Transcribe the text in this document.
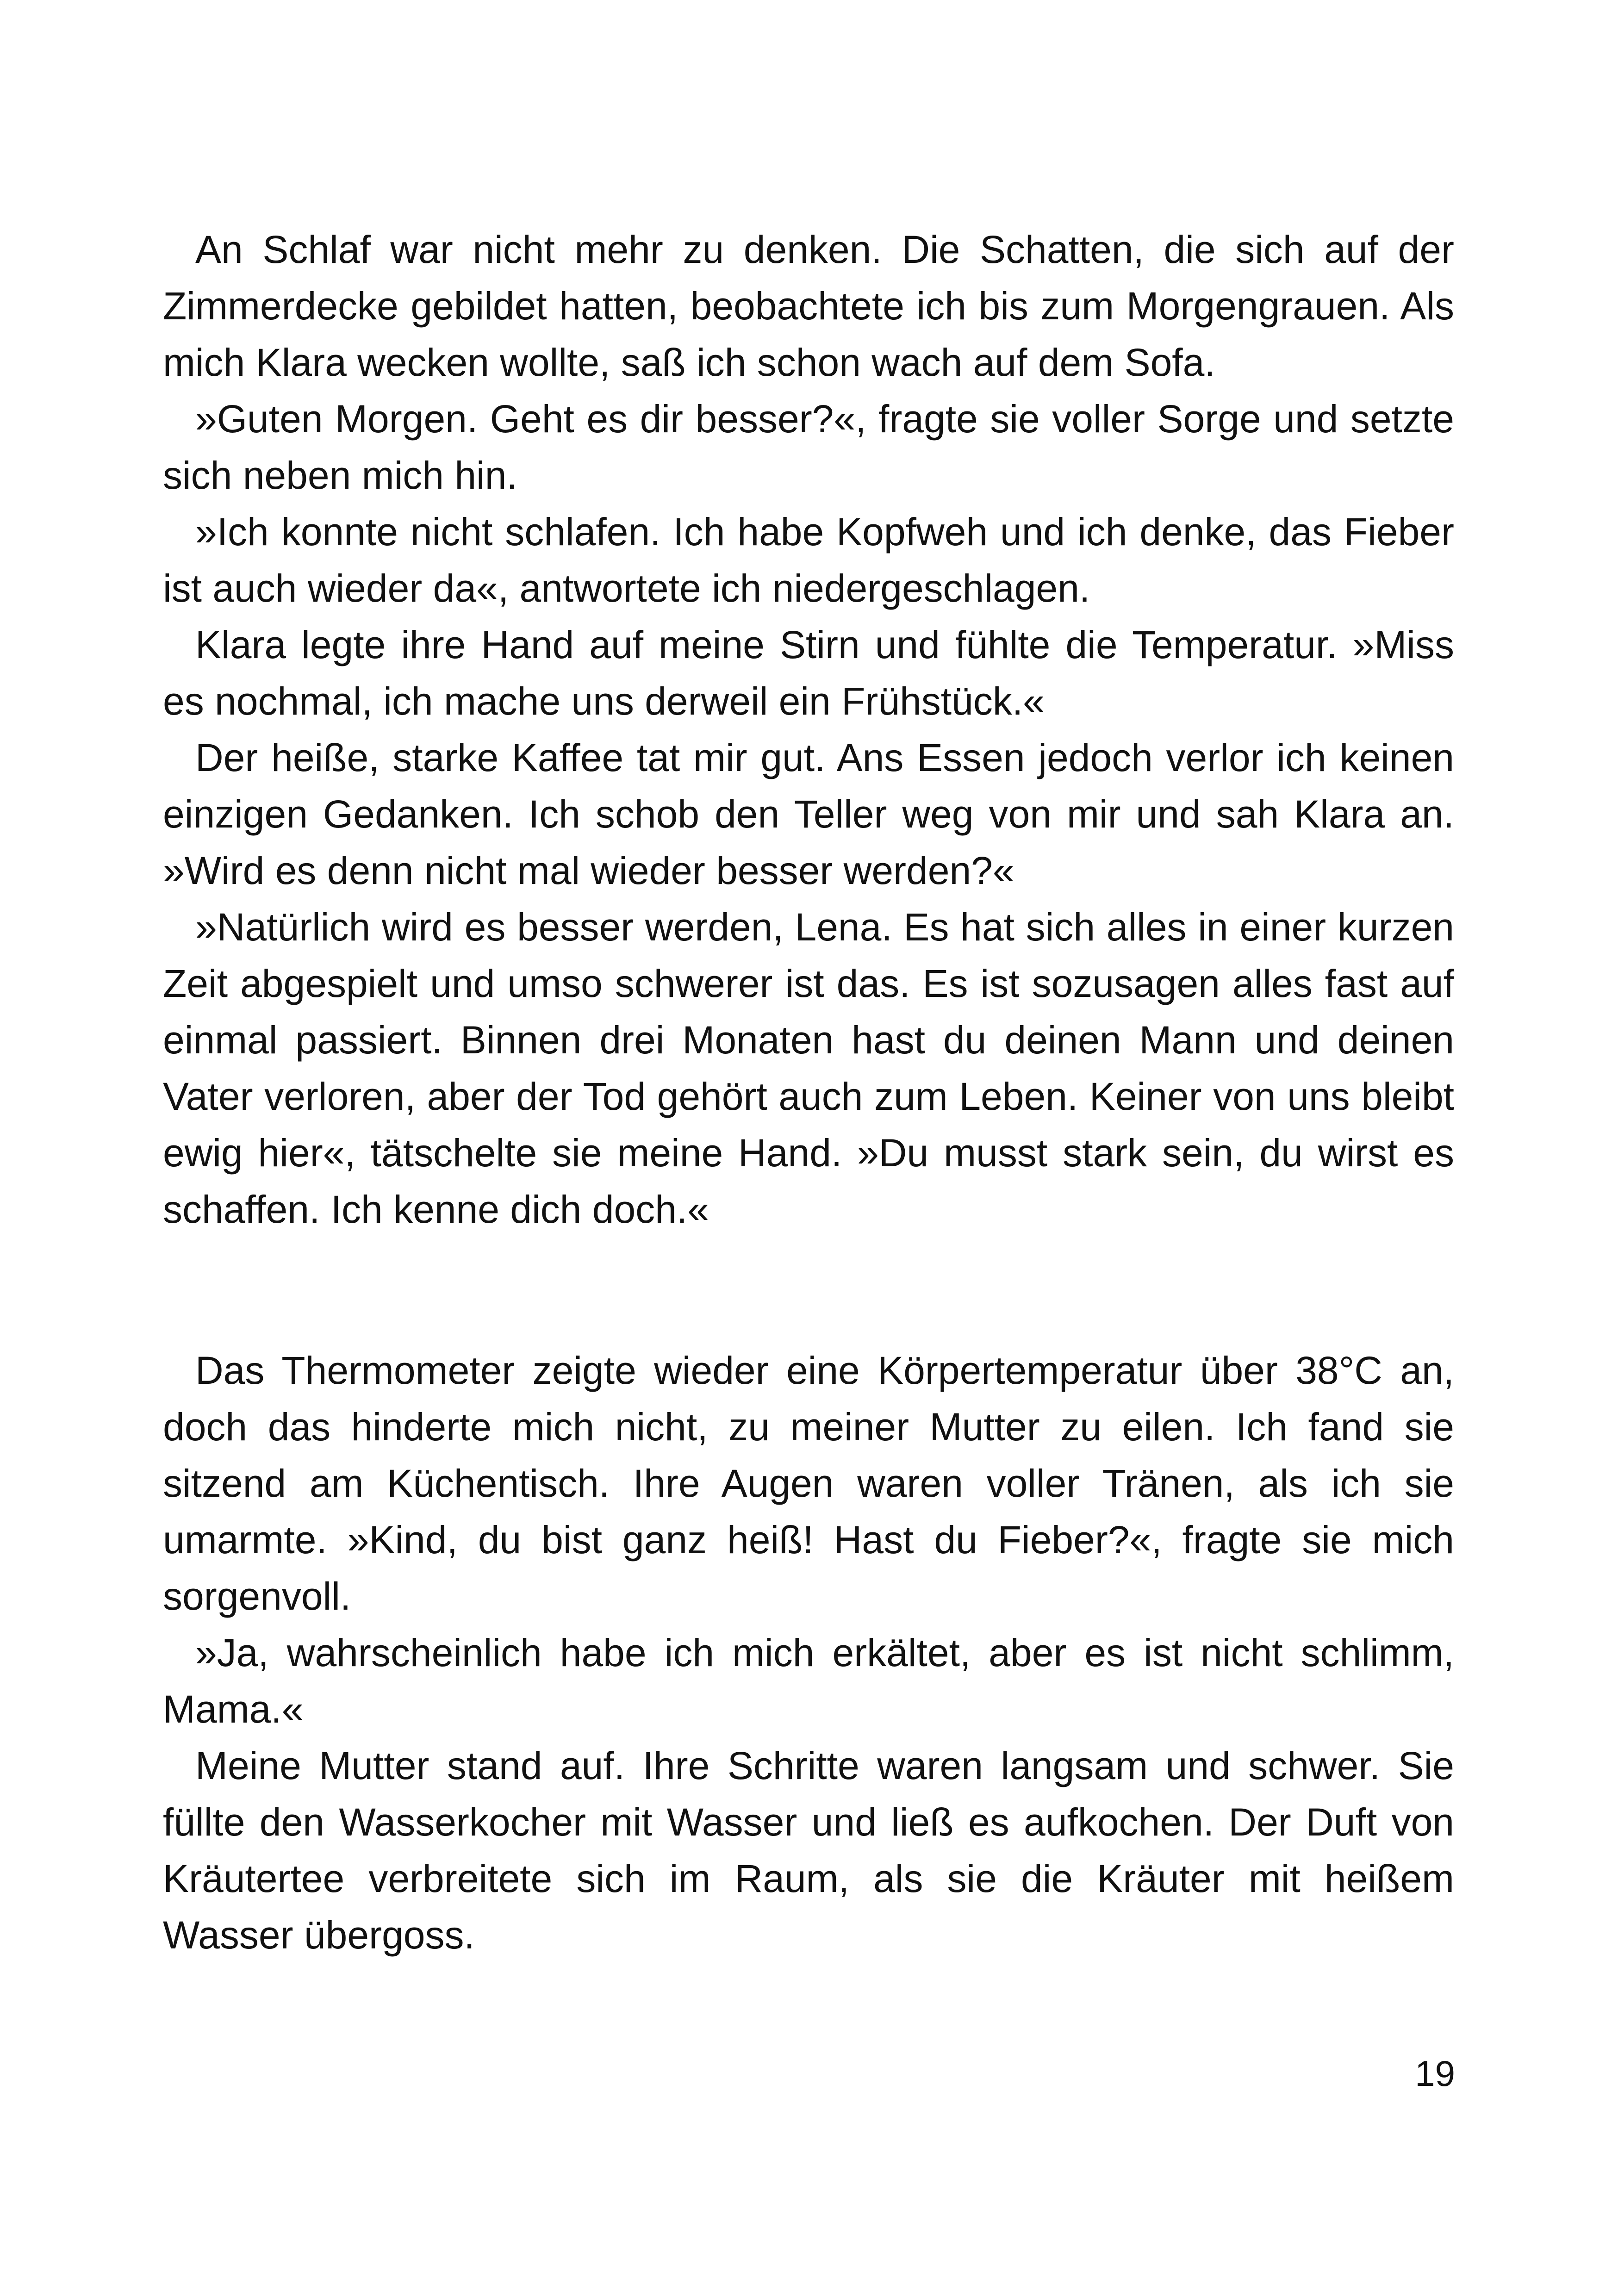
An Schlaf war nicht mehr zu denken. Die Schatten, die sich auf der Zimmerdecke gebildet hatten, beobachtete ich bis zum Morgengrauen. Als mich Klara wecken wollte, saß ich schon wach auf dem Sofa.

»Guten Morgen. Geht es dir besser?«, fragte sie voller Sorge und setzte sich neben mich hin.

»Ich konnte nicht schlafen. Ich habe Kopfweh und ich denke, das Fieber ist auch wieder da«, antwortete ich niedergeschlagen.

Klara legte ihre Hand auf meine Stirn und fühlte die Temperatur. »Miss es nochmal, ich mache uns derweil ein Frühstück.«

Der heiße, starke Kaffee tat mir gut. Ans Essen jedoch verlor ich keinen einzigen Gedanken. Ich schob den Teller weg von mir und sah Klara an. »Wird es denn nicht mal wieder besser werden?«

»Natürlich wird es besser werden, Lena. Es hat sich alles in einer kurzen Zeit abgespielt und umso schwerer ist das. Es ist sozusagen alles fast auf einmal passiert. Binnen drei Monaten hast du deinen Mann und deinen Vater verloren, aber der Tod gehört auch zum Leben. Keiner von uns bleibt ewig hier«, tätschelte sie meine Hand. »Du musst stark sein, du wirst es schaffen. Ich kenne dich doch.«

Das Thermometer zeigte wieder eine Körpertemperatur über 38°C an, doch das hinderte mich nicht, zu meiner Mutter zu eilen. Ich fand sie sitzend am Küchentisch. Ihre Augen waren voller Tränen, als ich sie umarmte. »Kind, du bist ganz heiß! Hast du Fieber?«, fragte sie mich sorgenvoll.

»Ja, wahrscheinlich habe ich mich erkältet, aber es ist nicht schlimm, Mama.«

Meine Mutter stand auf. Ihre Schritte waren langsam und schwer. Sie füllte den Wasserkocher mit Wasser und ließ es aufkochen. Der Duft von Kräutertee verbreitete sich im Raum, als sie die Kräuter mit heißem Wasser übergoss.

19
